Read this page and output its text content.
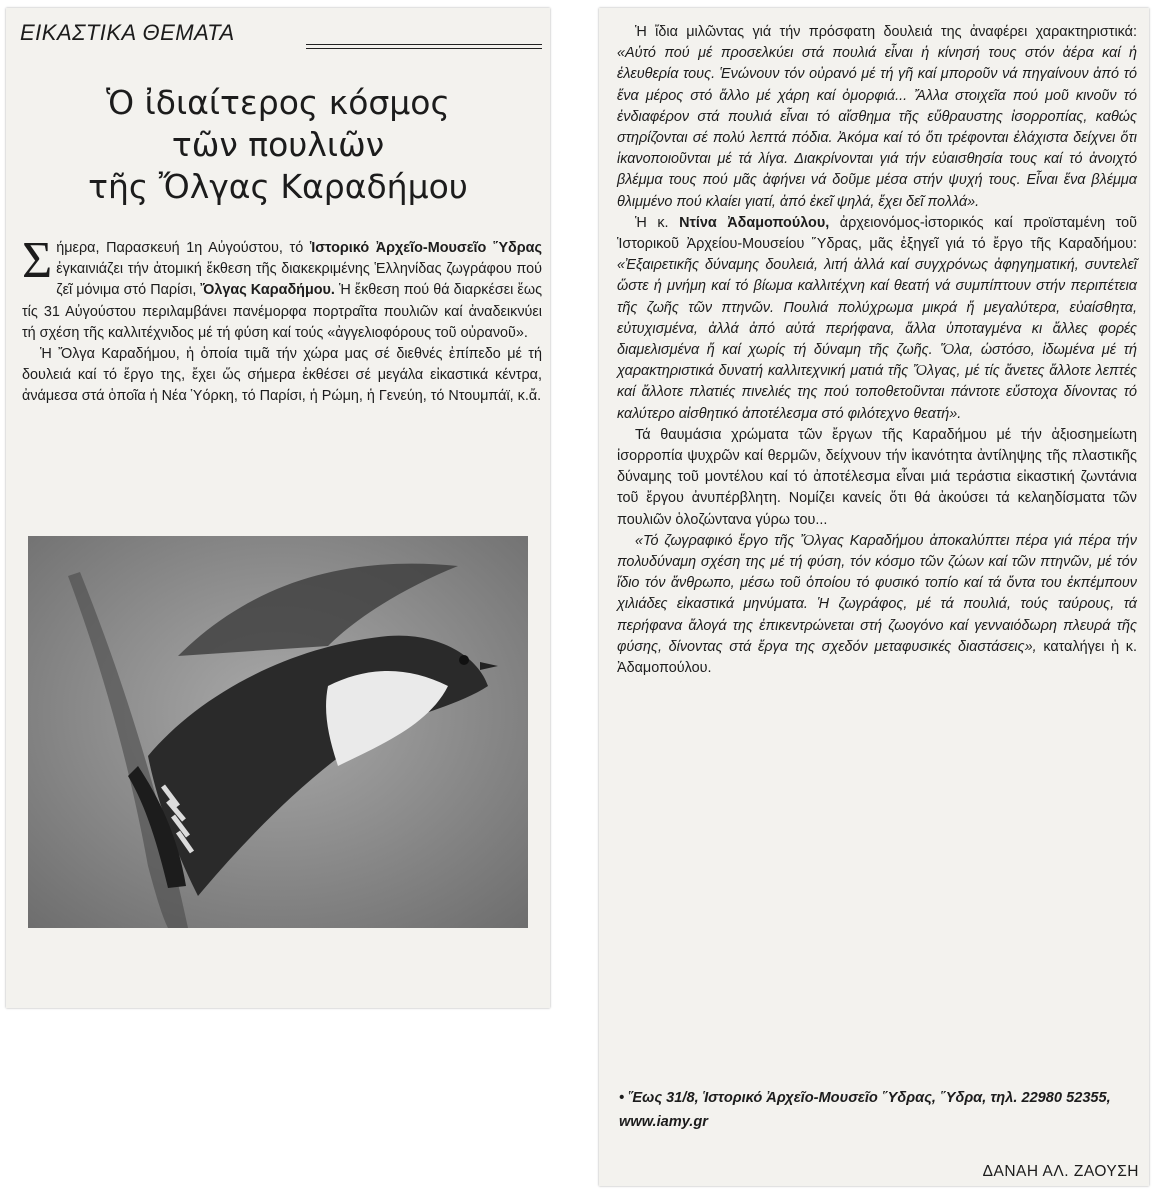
ΕΙΚΑΣΤΙΚΑ ΘΕΜΑΤΑ
Ὁ ἰδιαίτερος κόσμος
τῶν πουλιῶν
τῆς Ὄλγας Καραδήμου

Σήμερα, Παρασκευή 1η Αὐγούστου, τό Ἱστορικό Ἀρχεῖο-Μουσεῖο Ὕδρας ἐγκαινιάζει τήν ἀτομική ἔκθεση τῆς διακεκριμένης Ἑλληνίδας ζωγράφου πού ζεῖ μόνιμα στό Παρίσι, Ὄλγας Καραδήμου. Ἡ ἔκθεση πού θά διαρκέσει ἕως τίς 31 Αὐγούστου περιλαμβάνει πανέμορφα πορτραῖτα πουλιῶν καί ἀναδεικνύει τή σχέση τῆς καλλιτέχνιδος μέ τή φύση καί τούς «ἀγγελιοφόρους τοῦ οὐρανοῦ».

Ἡ Ὄλγα Καραδήμου, ἡ ὁποία τιμᾶ τήν χώρα μας σέ διεθνές ἐπίπεδο μέ τή δουλειά καί τό ἔργο της, ἔχει ὥς σήμερα ἐκθέσει σέ μεγάλα εἰκαστικά κέντρα, ἀνάμεσα στά ὁποῖα ἡ Νέα Ὑόρκη, τό Παρίσι, ἡ Ρώμη, ἡ Γενεύη, τό Ντουμπάϊ, κ.ἄ.

Ἡ ἴδια μιλῶντας γιά τήν πρόσφατη δουλειά της ἀναφέρει χαρακτηριστικά: «Αὐτό πού μέ προσελκύει στά πουλιά εἶναι ἡ κίνησή τους στόν ἀέρα καί ἡ ἐλευθερία τους. Ἑνώνουν τόν οὐρανό μέ τή γῆ καί μποροῦν νά πηγαίνουν ἀπό τό ἕνα μέρος στό ἄλλο μέ χάρη καί ὀμορφιά... Ἄλλα στοιχεῖα πού μοῦ κινοῦν τό ἐνδιαφέρον στά πουλιά εἶναι τό αἴσθημα τῆς εὔθραυστης ἰσορροπίας, καθώς στηρίζονται σέ πολύ λεπτά πόδια. Ἀκόμα καί τό ὅτι τρέφονται ἐλάχιστα δείχνει ὅτι ἱκανοποιοῦνται μέ τά λίγα. Διακρίνονται γιά τήν εὐαισθησία τους καί τό ἀνοιχτό βλέμμα τους πού μᾶς ἀφήνει νά δοῦμε μέσα στήν ψυχή τους. Εἶναι ἕνα βλέμμα θλιμμένο πού κλαίει γιατί, ἀπό ἐκεῖ ψηλά, ἔχει δεῖ πολλά».

Ἡ κ. Ντίνα Ἀδαμοπούλου, ἀρχειονόμος-ἱστορικός καί προϊσταμένη τοῦ Ἱστορικοῦ Ἀρχείου-Μουσείου Ὕδρας, μᾶς ἐξηγεῖ γιά τό ἔργο τῆς Καραδήμου: «Ἐξαιρετικῆς δύναμης δουλειά, λιτή ἀλλά καί συγχρόνως ἀφηγηματική, συντελεῖ ὥστε ἡ μνήμη καί τό βίωμα καλλιτέχνη καί θεατή νά συμπίπτουν στήν περιπέτεια τῆς ζωῆς τῶν πτηνῶν. Πουλιά πολύχρωμα μικρά ἤ μεγαλύτερα, εὐαίσθητα, εὐτυχισμένα, ἀλλά ἀπό αὐτά περήφανα, ἄλλα ὑποταγμένα κι ἄλλες φορές διαμελισμένα ἤ καί χωρίς τή δύναμη τῆς ζωῆς. Ὅλα, ὡστόσο, ἰδωμένα μέ τή χαρακτηριστικά δυνατή καλλιτεχνική ματιά τῆς Ὄλγας, μέ τίς ἄνετες ἄλλοτε λεπτές καί ἄλλοτε πλατιές πινελιές της πού τοποθετοῦνται πάντοτε εὔστοχα δίνοντας τό καλύτερο αἰσθητικό ἀποτέλεσμα στό φιλότεχνο θεατή».

Τά θαυμάσια χρώματα τῶν ἔργων τῆς Καραδήμου μέ τήν ἀξιοσημείωτη ἰσορροπία ψυχρῶν καί θερμῶν, δείχνουν τήν ἱκανότητα ἀντίληψης τῆς πλαστικῆς δύναμης τοῦ μοντέλου καί τό ἀποτέλεσμα εἶναι μιά τεράστια εἰκαστική ζωντάνια τοῦ ἔργου ἀνυπέρβλητη. Νομίζει κανείς ὅτι θά ἀκούσει τά κελαηδίσματα τῶν πουλιῶν ὁλοζώντανα γύρω του...

«Τό ζωγραφικό ἔργο τῆς Ὄλγας Καραδήμου ἀποκαλύπτει πέρα γιά πέρα τήν πολυδύναμη σχέση της μέ τή φύση, τόν κόσμο τῶν ζώων καί τῶν πτηνῶν, μέ τόν ἴδιο τόν ἄνθρωπο, μέσω τοῦ ὁποίου τό φυσικό τοπίο καί τά ὄντα του ἐκπέμπουν χιλιάδες εἰκαστικά μηνύματα. Ἡ ζωγράφος, μέ τά πουλιά, τούς ταύρους, τά περήφανα ἄλογά της ἐπικεντρώνεται στή ζωογόνο καί γενναιόδωρη πλευρά τῆς φύσης, δίνοντας στά ἔργα της σχεδόν μεταφυσικές διαστάσεις», καταλήγει ἡ κ. Ἀδαμοπούλου.

• Ἕως 31/8, Ἱστορικό Ἀρχεῖο-Μουσεῖο Ὕδρας, Ὕδρα, τηλ. 22980 52355, www.iamy.gr
ΔΑΝΑΗ ΑΛ. ΖΑΟΥΣΗ
